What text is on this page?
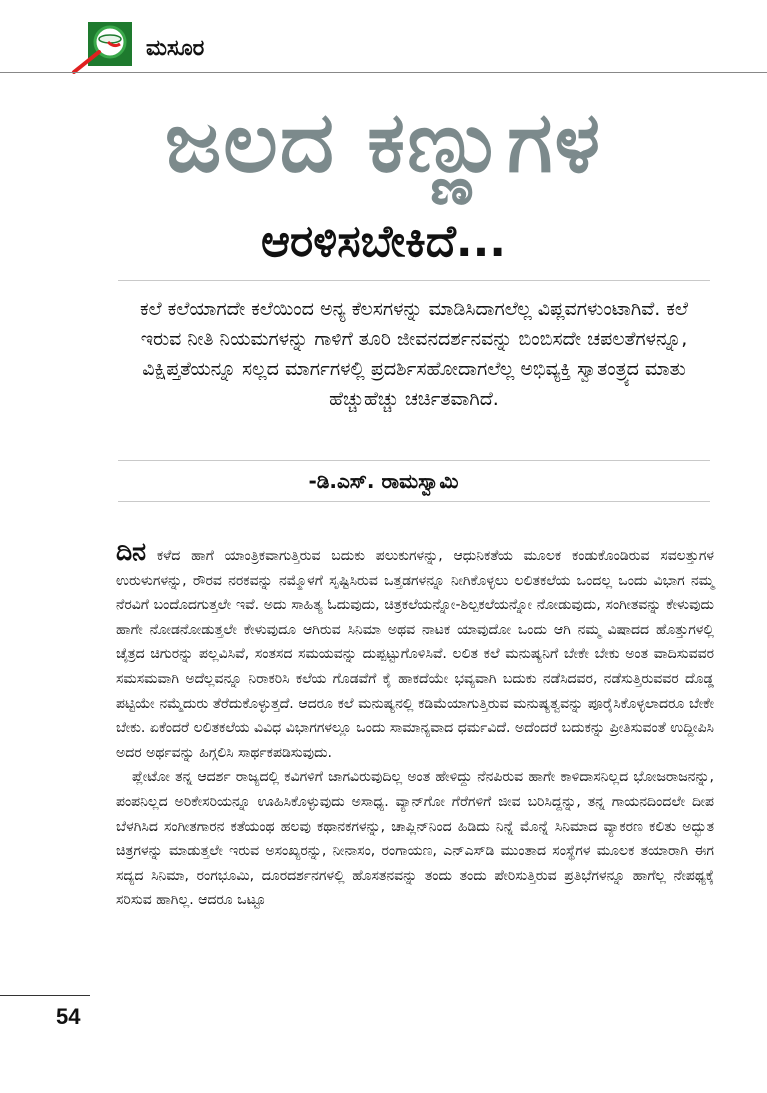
ಮಸೂರ
ಜಲದ ಕಣ್ಣುಗಳ
ಆರಳಿಸಬೇಕಿದೆ...

ಕಲೆ ಕಲೆಯಾಗದೇ ಕಲೆಯಿಂದ ಅನ್ಯ ಕೆಲಸಗಳನ್ನು ಮಾಡಿಸಿದಾಗಲೆಲ್ಲ ವಿಪ್ಲವಗಳುಂಟಾಗಿವೆ. ಕಲೆ ಇರುವ ನೀತಿ ನಿಯಮಗಳನ್ನು ಗಾಳಿಗೆ ತೂರಿ ಜೀವನದರ್ಶನವನ್ನು ಬಿಂಬಿಸದೇ ಚಪಲತೆಗಳನ್ನೂ, ವಿಕ್ಷಿಪ್ತತೆಯನ್ನೂ ಸಲ್ಲದ ಮಾರ್ಗಗಳಲ್ಲಿ ಪ್ರದರ್ಶಿಸಹೋದಾಗಲೆಲ್ಲ ಅಭಿವ್ಯಕ್ತಿ ಸ್ವಾತಂತ್ರ್ಯದ ಮಾತು ಹೆಚ್ಚುಹೆಚ್ಚು ಚರ್ಚಿತವಾಗಿದೆ.

-ಡಿ.ಎಸ್. ರಾಮಸ್ವಾಮಿ

ದಿನ ಕಳೆದ ಹಾಗೆ ಯಾಂತ್ರಿಕವಾಗುತ್ತಿರುವ ಬದುಕು ಪಲುಕುಗಳನ್ನು, ಆಧುನಿಕತೆಯ ಮೂಲಕ ಕಂಡುಕೊಂಡಿರುವ ಸವಲತ್ತುಗಳ ಉರುಳುಗಳನ್ನು, ರೌರವ ನರಕವನ್ನು ನಮ್ಮೊಳಗೆ ಸೃಷ್ಟಿಸಿರುವ ಒತ್ತಡಗಳನ್ನೂ ನೀಗಿಕೊಳ್ಳಲು ಲಲಿತಕಲೆಯ ಒಂದಲ್ಲ ಒಂದು ವಿಭಾಗ ನಮ್ಮ ನೆರವಿಗೆ ಬಂದೊದಗುತ್ತಲೇ ಇವೆ. ಅದು ಸಾಹಿತ್ಯ ಓದುವುದು, ಚಿತ್ರಕಲೆಯನ್ನೋ-ಶಿಲ್ಪಕಲೆಯನ್ನೋ ನೋಡುವುದು, ಸಂಗೀತವನ್ನು ಕೇಳುವುದು ಹಾಗೇ ನೋಡನೋಡುತ್ತಲೇ ಕೇಳುವುದೂ ಆಗಿರುವ ಸಿನಿಮಾ ಅಥವ ನಾಟಕ ಯಾವುದೋ ಒಂದು ಆಗಿ ನಮ್ಮ ವಿಷಾದದ ಹೊತ್ತುಗಳಲ್ಲಿ ಚೈತ್ರದ ಚಿಗುರನ್ನು ಪಲ್ಲವಿಸಿವೆ, ಸಂತಸದ ಸಮಯವನ್ನು ದುಪ್ಪಟ್ಟುಗೊಳಿಸಿವೆ. ಲಲಿತ ಕಲೆ ಮನುಷ್ಯನಿಗೆ ಬೇಕೇ ಬೇಕು ಅಂತ ವಾದಿಸುವವರ ಸಮಸಮವಾಗಿ ಅದೆಲ್ಲವನ್ನೂ ನಿರಾಕರಿಸಿ ಕಲೆಯ ಗೊಡವೆಗೆ ಕೈ ಹಾಕದೆಯೇ ಭವ್ಯವಾಗಿ ಬದುಕು ನಡೆಸಿದವರ, ನಡೆಸುತ್ತಿರುವವರ ದೊಡ್ಡ ಪಟ್ಟಿಯೇ ನಮ್ಮೆದುರು ತೆರೆದುಕೊಳ್ಳುತ್ತದೆ. ಆದರೂ ಕಲೆ ಮನುಷ್ಯನಲ್ಲಿ ಕಡಿಮೆಯಾಗುತ್ತಿರುವ ಮನುಷ್ಯತ್ವವನ್ನು ಪೂರೈಸಿಕೊಳ್ಳಲಾದರೂ ಬೇಕೇ ಬೇಕು. ಏಕೆಂದರೆ ಲಲಿತಕಲೆಯ ವಿವಿಧ ವಿಭಾಗಗಳಲ್ಲೂ ಒಂದು ಸಾಮಾನ್ಯವಾದ ಧರ್ಮವಿದೆ. ಅದೆಂದರೆ ಬದುಕನ್ನು ಪ್ರೀತಿಸುವಂತೆ ಉದ್ದೀಪಿಸಿ ಅದರ ಅರ್ಥವನ್ನು ಹಿಗ್ಗಲಿಸಿ ಸಾರ್ಥಕಪಡಿಸುವುದು.

ಪ್ಲೇಟೋ ತನ್ನ ಆದರ್ಶ ರಾಜ್ಯದಲ್ಲಿ ಕವಿಗಳಿಗೆ ಜಾಗವಿರುವುದಿಲ್ಲ ಅಂತ ಹೇಳಿದ್ದು ನೆನಪಿರುವ ಹಾಗೇ ಕಾಳಿದಾಸನಿಲ್ಲದ ಭೋಜರಾಜನನ್ನು, ಪಂಪನಿಲ್ಲದ ಅರಿಕೇಸರಿಯನ್ನೂ ಊಹಿಸಿಕೊಳ್ಳುವುದು ಅಸಾಧ್ಯ. ವ್ಯಾನ್‌ಗೋ ಗೆರೆಗಳಿಗೆ ಜೀವ ಬರಿಸಿದ್ದನ್ನು, ತನ್ನ ಗಾಯನದಿಂದಲೇ ದೀಪ ಬೆಳಗಿಸಿದ ಸಂಗೀತಗಾರನ ಕತೆಯಂಥ ಹಲವು ಕಥಾನಕಗಳನ್ನು, ಚಾಪ್ಲಿನ್‌ನಿಂದ ಹಿಡಿದು ನಿನ್ನೆ ಮೊನ್ನೆ ಸಿನಿಮಾದ ವ್ಯಾಕರಣ ಕಲಿತು ಅದ್ಭುತ ಚಿತ್ರಗಳನ್ನು ಮಾಡುತ್ತಲೇ ಇರುವ ಅಸಂಖ್ಯರನ್ನು, ನೀನಾಸಂ, ರಂಗಾಯಣ, ಎನ್‌ಎಸ್‌ಡಿ ಮುಂತಾದ ಸಂಸ್ಥೆಗಳ ಮೂಲಕ ತಯಾರಾಗಿ ಈಗ ಸದ್ಯದ ಸಿನಿಮಾ, ರಂಗಭೂಮಿ, ದೂರದರ್ಶನಗಳಲ್ಲಿ ಹೊಸತನವನ್ನು ತಂದು ತಂದು ಪೇರಿಸುತ್ತಿರುವ ಪ್ರತಿಭೆಗಳನ್ನೂ ಹಾಗೆಲ್ಲ ನೇಪಥ್ಯಕ್ಕೆ ಸರಿಸುವ ಹಾಗಿಲ್ಲ. ಆದರೂ ಒಟ್ಟೂ

54
